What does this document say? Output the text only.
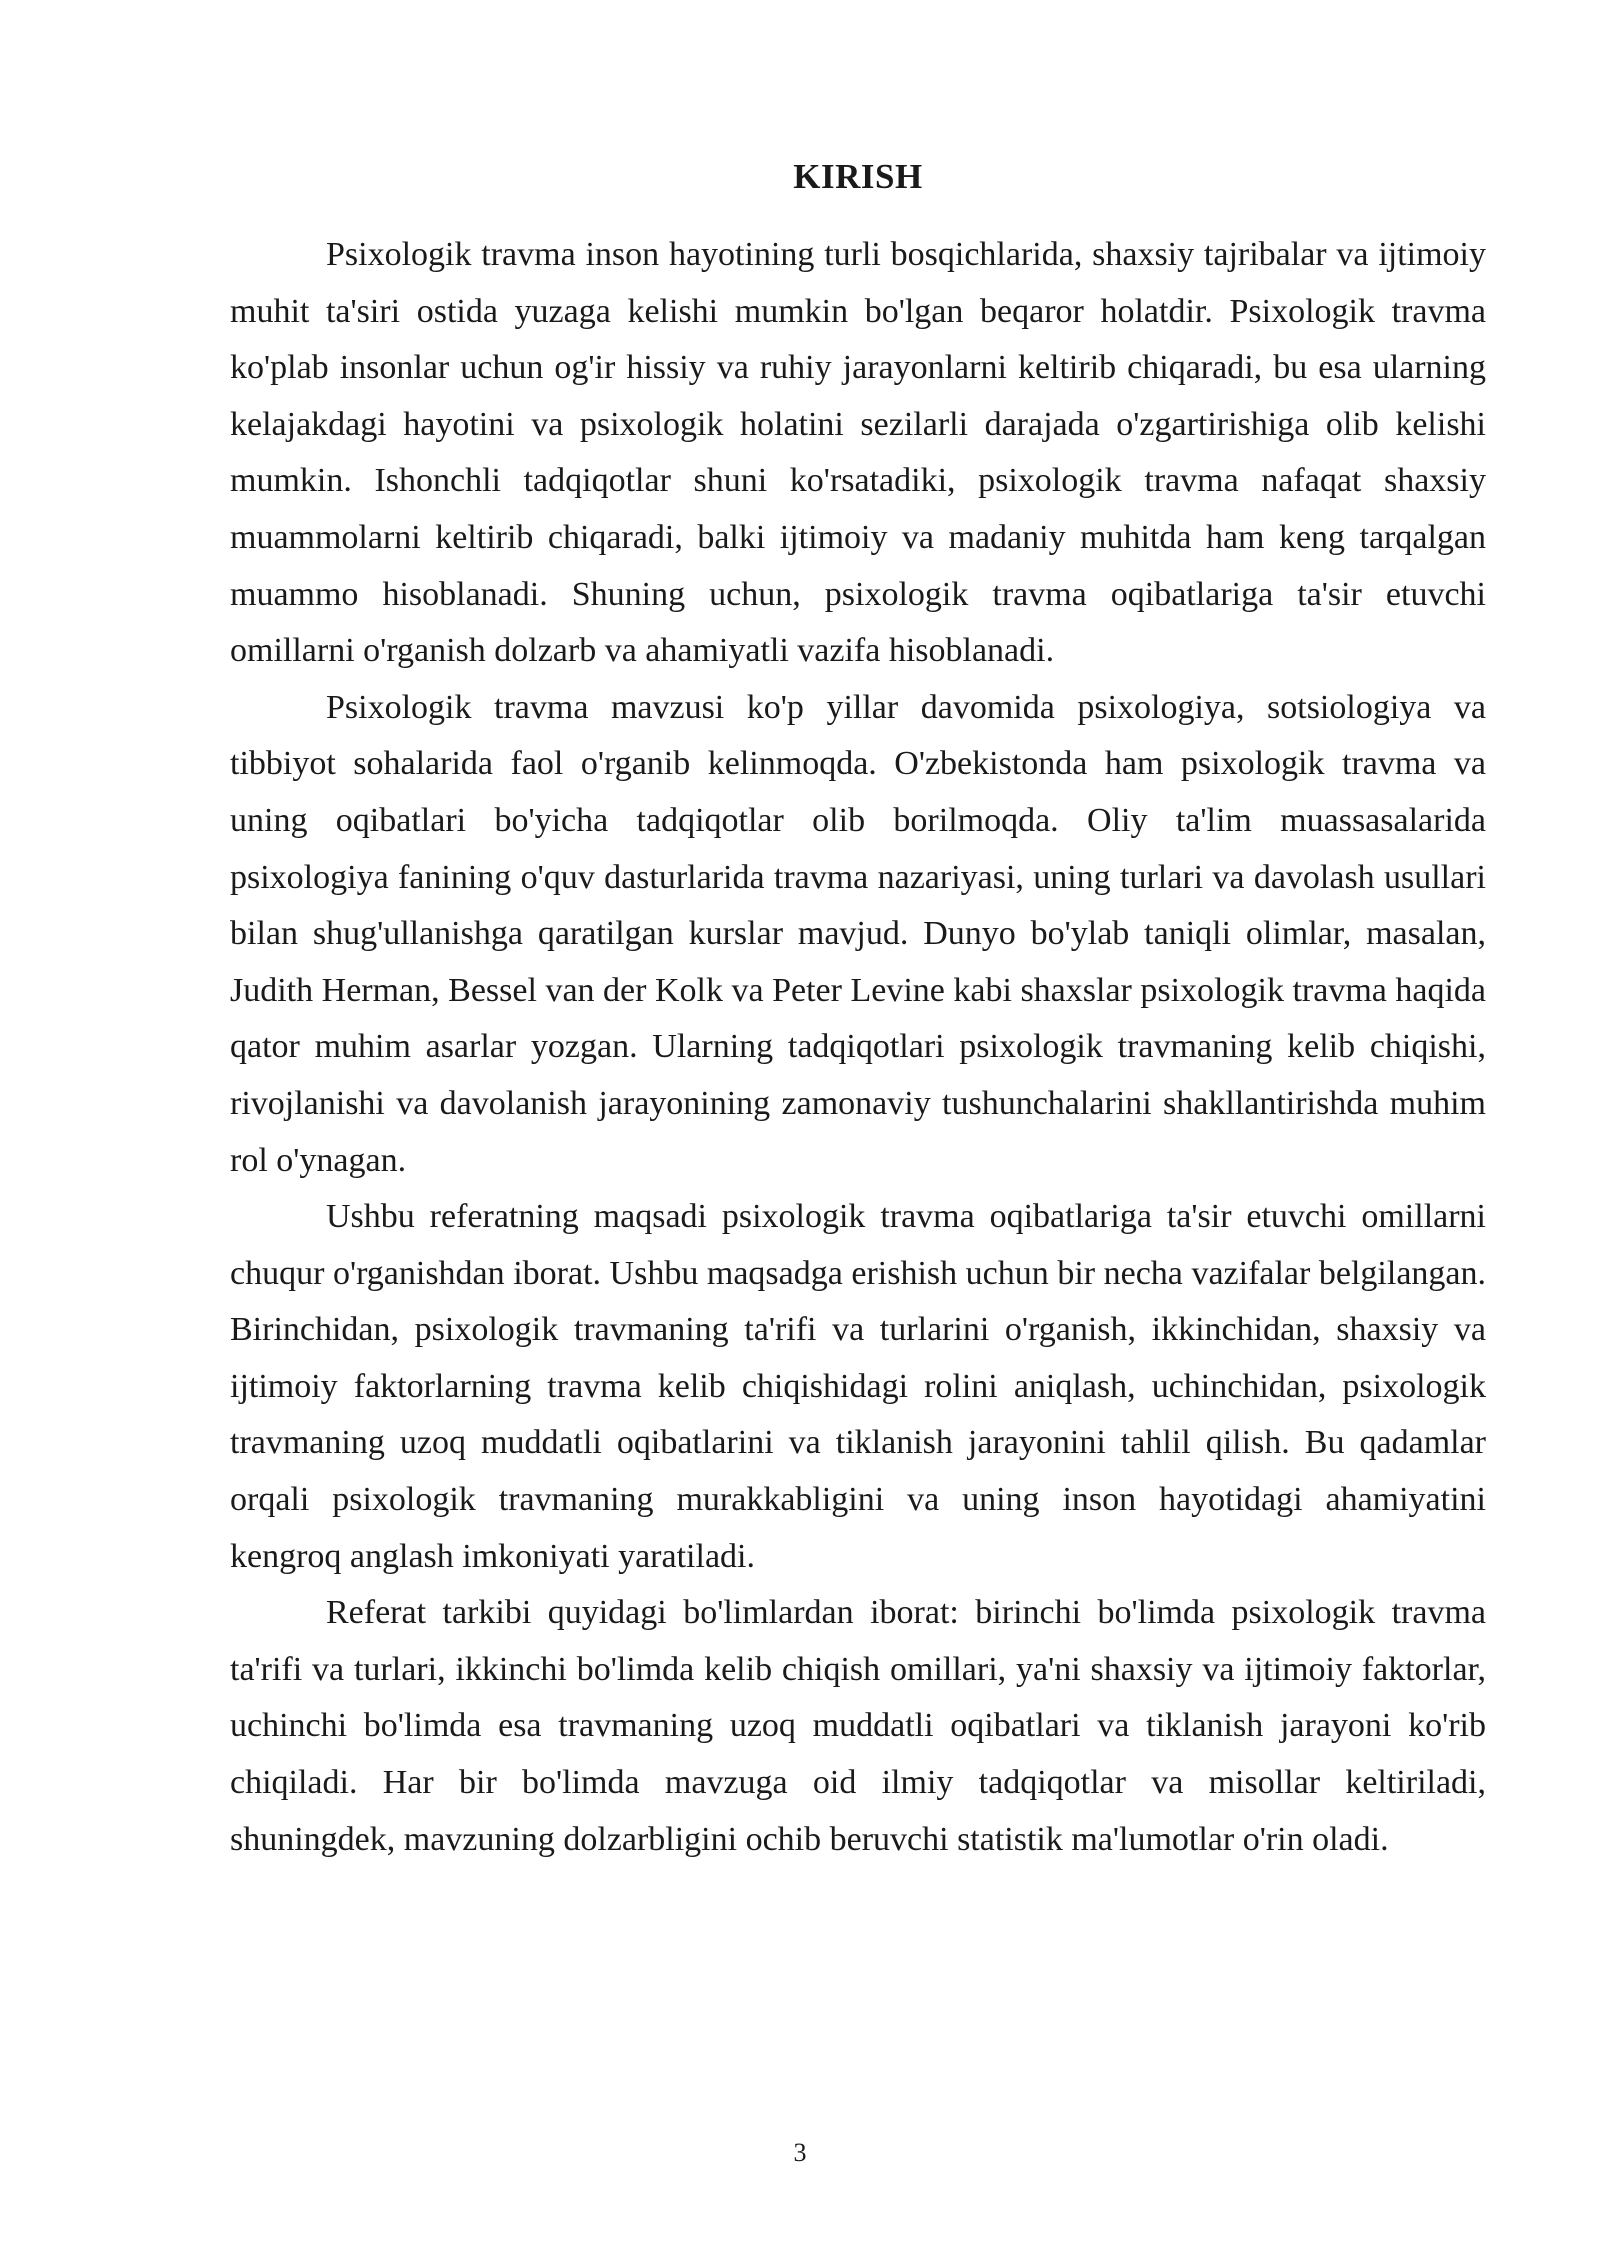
KIRISH

Psixologik travma inson hayotining turli bosqichlarida, shaxsiy tajribalar va ijtimoiy muhit ta'siri ostida yuzaga kelishi mumkin bo'lgan beqaror holatdir. Psixologik travma ko'plab insonlar uchun og'ir hissiy va ruhiy jarayonlarni keltirib chiqaradi, bu esa ularning kelajakdagi hayotini va psixologik holatini sezilarli darajada o'zgartirishiga olib kelishi mumkin. Ishonchli tadqiqotlar shuni ko'rsatadiki, psixologik travma nafaqat shaxsiy muammolarni keltirib chiqaradi, balki ijtimoiy va madaniy muhitda ham keng tarqalgan muammo hisoblanadi. Shuning uchun, psixologik travma oqibatlariga ta'sir etuvchi omillarni o'rganish dolzarb va ahamiyatli vazifa hisoblanadi.

Psixologik travma mavzusi ko'p yillar davomida psixologiya, sotsiologiya va tibbiyot sohalarida faol o'rganib kelinmoqda. O'zbekistonda ham psixologik travma va uning oqibatlari bo'yicha tadqiqotlar olib borilmoqda. Oliy ta'lim muassasalarida psixologiya fanining o'quv dasturlarida travma nazariyasi, uning turlari va davolash usullari bilan shug'ullanishga qaratilgan kurslar mavjud. Dunyo bo'ylab taniqli olimlar, masalan, Judith Herman, Bessel van der Kolk va Peter Levine kabi shaxslar psixologik travma haqida qator muhim asarlar yozgan. Ularning tadqiqotlari psixologik travmaning kelib chiqishi, rivojlanishi va davolanish jarayonining zamonaviy tushunchalarini shakllantirishda muhim rol o'ynagan.

Ushbu referatning maqsadi psixologik travma oqibatlariga ta'sir etuvchi omillarni chuqur o'rganishdan iborat. Ushbu maqsadga erishish uchun bir necha vazifalar belgilangan. Birinchidan, psixologik travmaning ta'rifi va turlarini o'rganish, ikkinchidan, shaxsiy va ijtimoiy faktorlarning travma kelib chiqishidagi rolini aniqlash, uchinchidan, psixologik travmaning uzoq muddatli oqibatlarini va tiklanish jarayonini tahlil qilish. Bu qadamlar orqali psixologik travmaning murakkabligini va uning inson hayotidagi ahamiyatini kengroq anglash imkoniyati yaratiladi.

Referat tarkibi quyidagi bo'limlardan iborat: birinchi bo'limda psixologik travma ta'rifi va turlari, ikkinchi bo'limda kelib chiqish omillari, ya'ni shaxsiy va ijtimoiy faktorlar, uchinchi bo'limda esa travmaning uzoq muddatli oqibatlari va tiklanish jarayoni ko'rib chiqiladi. Har bir bo'limda mavzuga oid ilmiy tadqiqotlar va misollar keltiriladi, shuningdek, mavzuning dolzarbligini ochib beruvchi statistik ma'lumotlar o'rin oladi.

3
